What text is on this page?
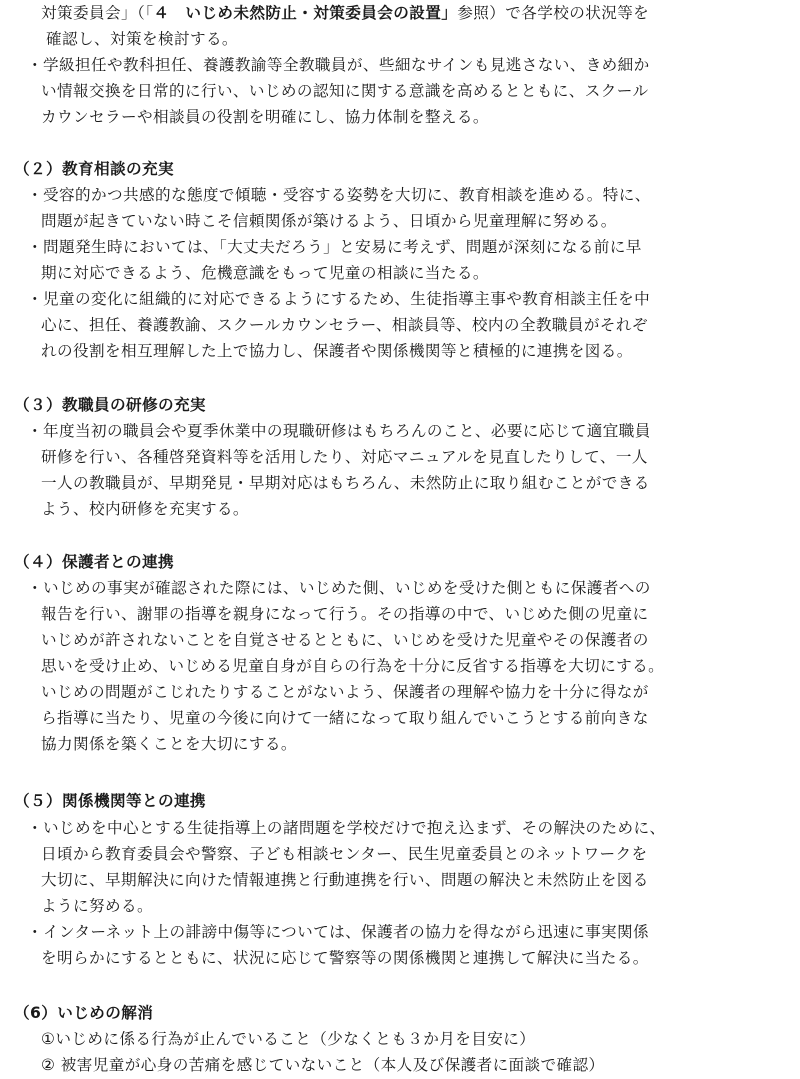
対策委員会」（「４　いじめ未然防止・対策委員会の設置」参照）で各学校の状況等を
確認し、対策を検討する。
・学級担任や教科担任、養護教諭等全教職員が、些細なサインも見逃さない、きめ細か
い情報交換を日常的に行い、いじめの認知に関する意識を高めるとともに、スクール
カウンセラーや相談員の役割を明確にし、協力体制を整える。
（２）教育相談の充実
・受容的かつ共感的な態度で傾聴・受容する姿勢を大切に、教育相談を進める。特に、
問題が起きていない時こそ信頼関係が築けるよう、日頃から児童理解に努める。
・問題発生時においては、「大丈夫だろう」と安易に考えず、問題が深刻になる前に早
期に対応できるよう、危機意識をもって児童の相談に当たる。
・児童の変化に組織的に対応できるようにするため、生徒指導主事や教育相談主任を中
心に、担任、養護教諭、スクールカウンセラー、相談員等、校内の全教職員がそれぞ
れの役割を相互理解した上で協力し、保護者や関係機関等と積極的に連携を図る。
（３）教職員の研修の充実
・年度当初の職員会や夏季休業中の現職研修はもちろんのこと、必要に応じて適宜職員
研修を行い、各種啓発資料等を活用したり、対応マニュアルを見直したりして、一人
一人の教職員が、早期発見・早期対応はもちろん、未然防止に取り組むことができる
よう、校内研修を充実する。
（４）保護者との連携
・いじめの事実が確認された際には、いじめた側、いじめを受けた側ともに保護者への
報告を行い、謝罪の指導を親身になって行う。その指導の中で、いじめた側の児童に
いじめが許されないことを自覚させるとともに、いじめを受けた児童やその保護者の
思いを受け止め、いじめる児童自身が自らの行為を十分に反省する指導を大切にする。
いじめの問題がこじれたりすることがないよう、保護者の理解や協力を十分に得なが
ら指導に当たり、児童の今後に向けて一緒になって取り組んでいこうとする前向きな
協力関係を築くことを大切にする。
（５）関係機関等との連携
・いじめを中心とする生徒指導上の諸問題を学校だけで抱え込まず、その解決のために、
日頃から教育委員会や警察、子ども相談センター、民生児童委員とのネットワークを
大切に、早期解決に向けた情報連携と行動連携を行い、問題の解決と未然防止を図る
ように努める。
・インターネット上の誹謗中傷等については、保護者の協力を得ながら迅速に事実関係
を明らかにするとともに、状況に応じて警察等の関係機関と連携して解決に当たる。
（6）いじめの解消
①いじめに係る行為が止んでいること（少なくとも３か月を目安に）
② 被害児童が心身の苦痛を感じていないこと（本人及び保護者に面談で確認）
